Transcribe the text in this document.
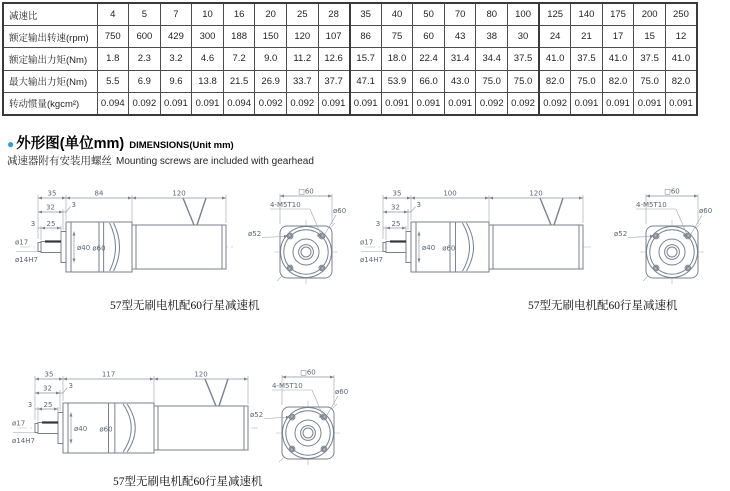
减速比	4	5	7	10	16	20	25	28	35	40	50	70	80	100	125	140	175	200	250
额定输出转速(rpm)	750	600	429	300	188	150	120	107	86	75	60	43	38	30	24	21	17	15	12
额定输出力矩(Nm)	1.8	2.3	3.2	4.6	7.2	9.0	11.2	12.6	15.7	18.0	22.4	31.4	34.4	37.5	41.0	37.5	41.0	37.5	41.0
最大输出力矩(Nm)	5.5	6.9	9.6	13.8	21.5	26.9	33.7	37.7	47.1	53.9	66.0	43.0	75.0	75.0	82.0	75.0	82.0	75.0	82.0
转动惯量(kgcm²)	0.094	0.092	0.091	0.091	0.094	0.092	0.092	0.091	0.091	0.091	0.091	0.091	0.092	0.092	0.092	0.091	0.091	0.091	0.091
● 外形图(单位mm) DIMENSIONS(Unit mm)
减速器附有安装用螺丝 Mounting screws are included with gearhead
35	84	120
32 3
25
3
ø17
ø14H7
ø40 ø60
□60
4-M5T10
ø60
ø52
57型无刷电机配60行星减速机
35	100	120
32 3
25
3
ø17
ø14H7
ø40 ø60
□60
4-M5T10
ø60
ø52
57型无刷电机配60行星减速机
35	117	120
32 3
25
3
ø17
ø14H7
ø40 ø60
□60
4-M5T10
ø60
ø52
57型无刷电机配60行星减速机
